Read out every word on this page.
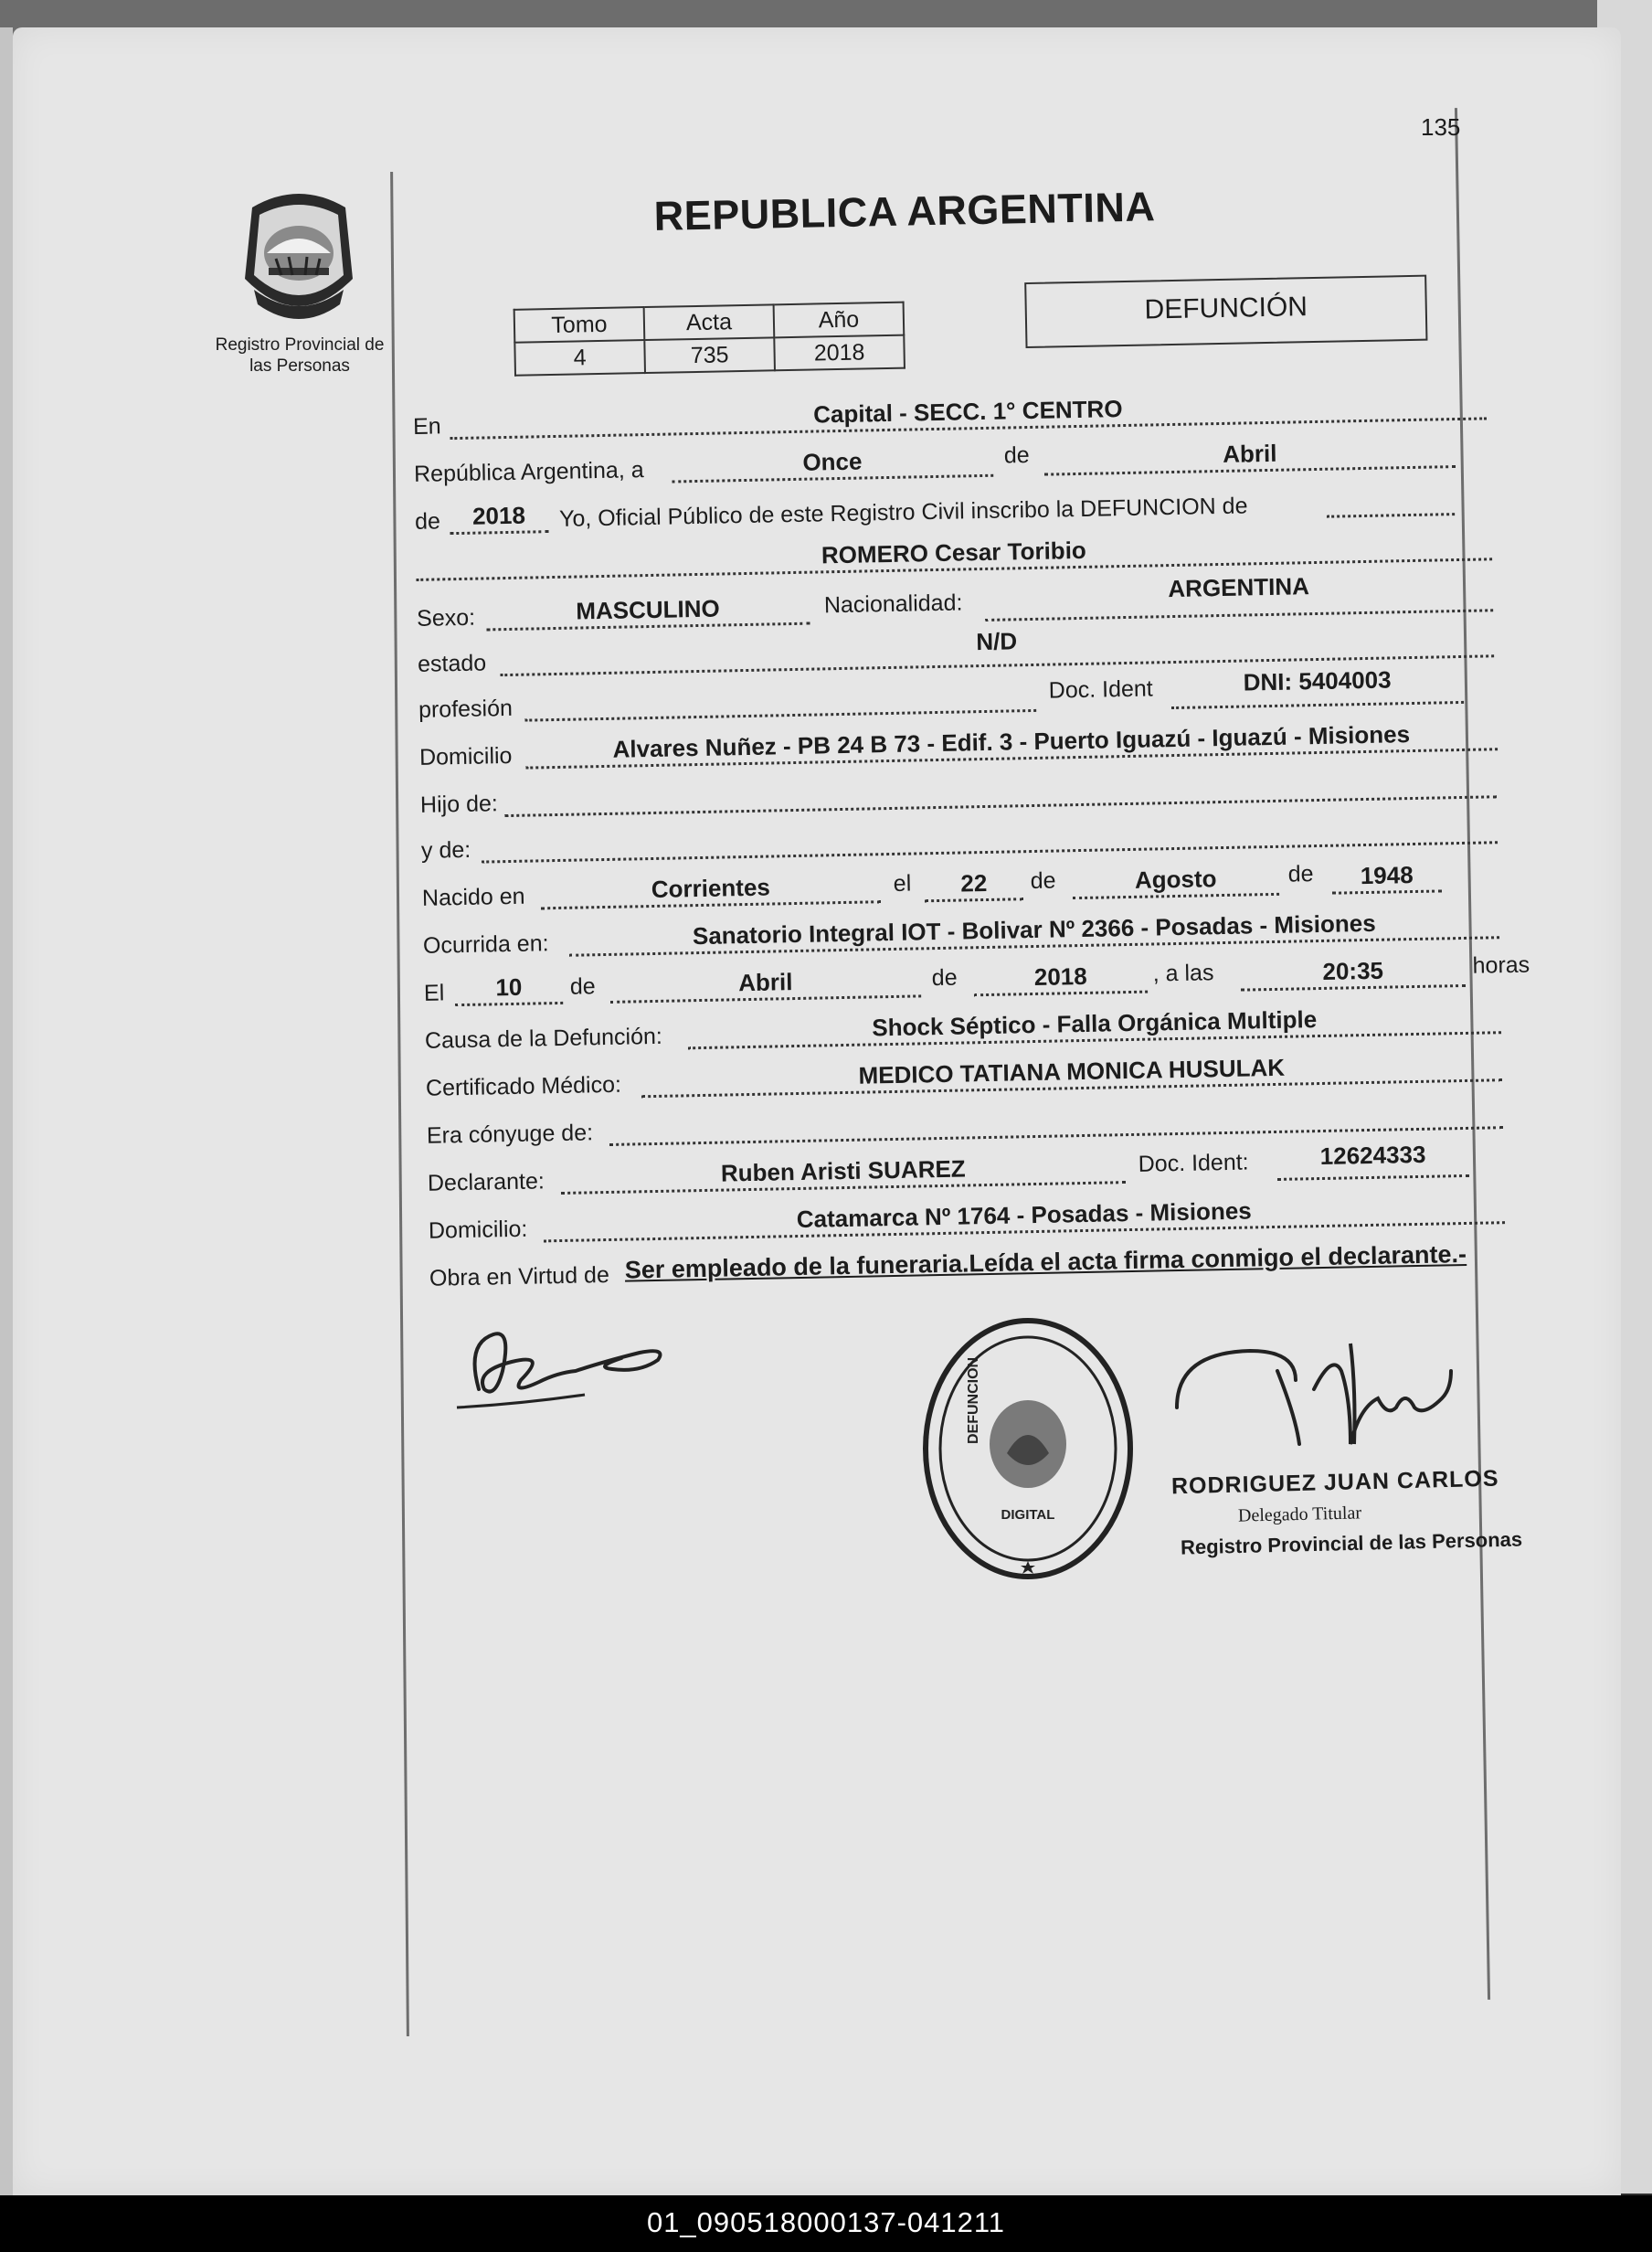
135
Registro Provincial de
las Personas
REPUBLICA ARGENTINA
Tomo	Acta	Año
4	735	2018
DEFUNCIÓN
En	Capital - SECC. 1° CENTRO
República Argentina, a	Once	de	Abril
de	2018	Yo, Oficial Público de este Registro Civil inscribo la DEFUNCION de
ROMERO Cesar Toribio
Sexo:	MASCULINO	Nacionalidad:
ARGENTINA
estado
N/D
profesión
Doc. Ident	DNI: 5404003
Domicilio	Alvares Nuñez - PB 24 B 73 - Edif. 3 - Puerto Iguazú - Iguazú - Misiones
Hijo de:
y de:
Nacido en	Corrientes	el	22	de	Agosto	de	1948
Ocurrida en:	Sanatorio Integral IOT - Bolivar Nº 2366 - Posadas - Misiones
El	10	de	Abril	de	2018	, a las	20:35	horas
Causa de la Defunción:	Shock Séptico - Falla Orgánica Multiple
Certificado Médico:	MEDICO TATIANA MONICA HUSULAK
Era cónyuge de:
Declarante:	Ruben Aristi SUAREZ	Doc. Ident:	12624333
Domicilio:	Catamarca Nº 1764 - Posadas - Misiones
Obra en Virtud de Ser empleado de la funeraria.Leída el acta firma conmigo el declarante.-
DEFUNCION
DIGITAL
RODRIGUEZ JUAN CARLOS
Delegado Titular
Registro Provincial de las Personas
01_090518000137-041211
